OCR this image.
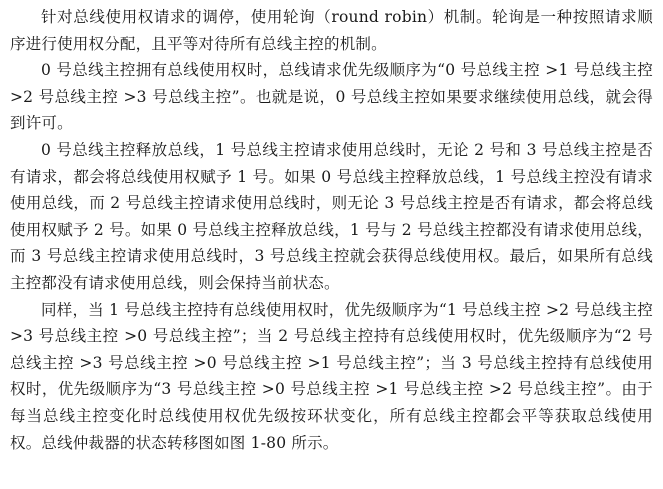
针对总线使用权请求的调停，使用轮询（round robin）机制。轮询是一种按照请求顺序进行使用权分配，且平等对待所有总线主控的机制。

0 号总线主控拥有总线使用权时，总线请求优先级顺序为“0 号总线主控 >1 号总线主控 >2 号总线主控 >3 号总线主控”。也就是说，0 号总线主控如果要求继续使用总线，就会得到许可。

0 号总线主控释放总线，1 号总线主控请求使用总线时，无论 2 号和 3 号总线主控是否有请求，都会将总线使用权赋予 1 号。如果 0 号总线主控释放总线，1 号总线主控没有请求使用总线，而 2 号总线主控请求使用总线时，则无论 3 号总线主控是否有请求，都会将总线使用权赋予 2 号。如果 0 号总线主控释放总线，1 号与 2 号总线主控都没有请求使用总线，而 3 号总线主控请求使用总线时，3 号总线主控就会获得总线使用权。最后，如果所有总线主控都没有请求使用总线，则会保持当前状态。

同样，当 1 号总线主控持有总线使用权时，优先级顺序为“1 号总线主控 >2 号总线主控 >3 号总线主控 >0 号总线主控”；当 2 号总线主控持有总线使用权时，优先级顺序为“2 号总线主控 >3 号总线主控 >0 号总线主控 >1 号总线主控”；当 3 号总线主控持有总线使用权时，优先级顺序为“3 号总线主控 >0 号总线主控 >1 号总线主控 >2 号总线主控”。由于每当总线主控变化时总线使用权优先级按环状变化，所有总线主控都会平等获取总线使用权。总线仲裁器的状态转移图如图 1-80 所示。
